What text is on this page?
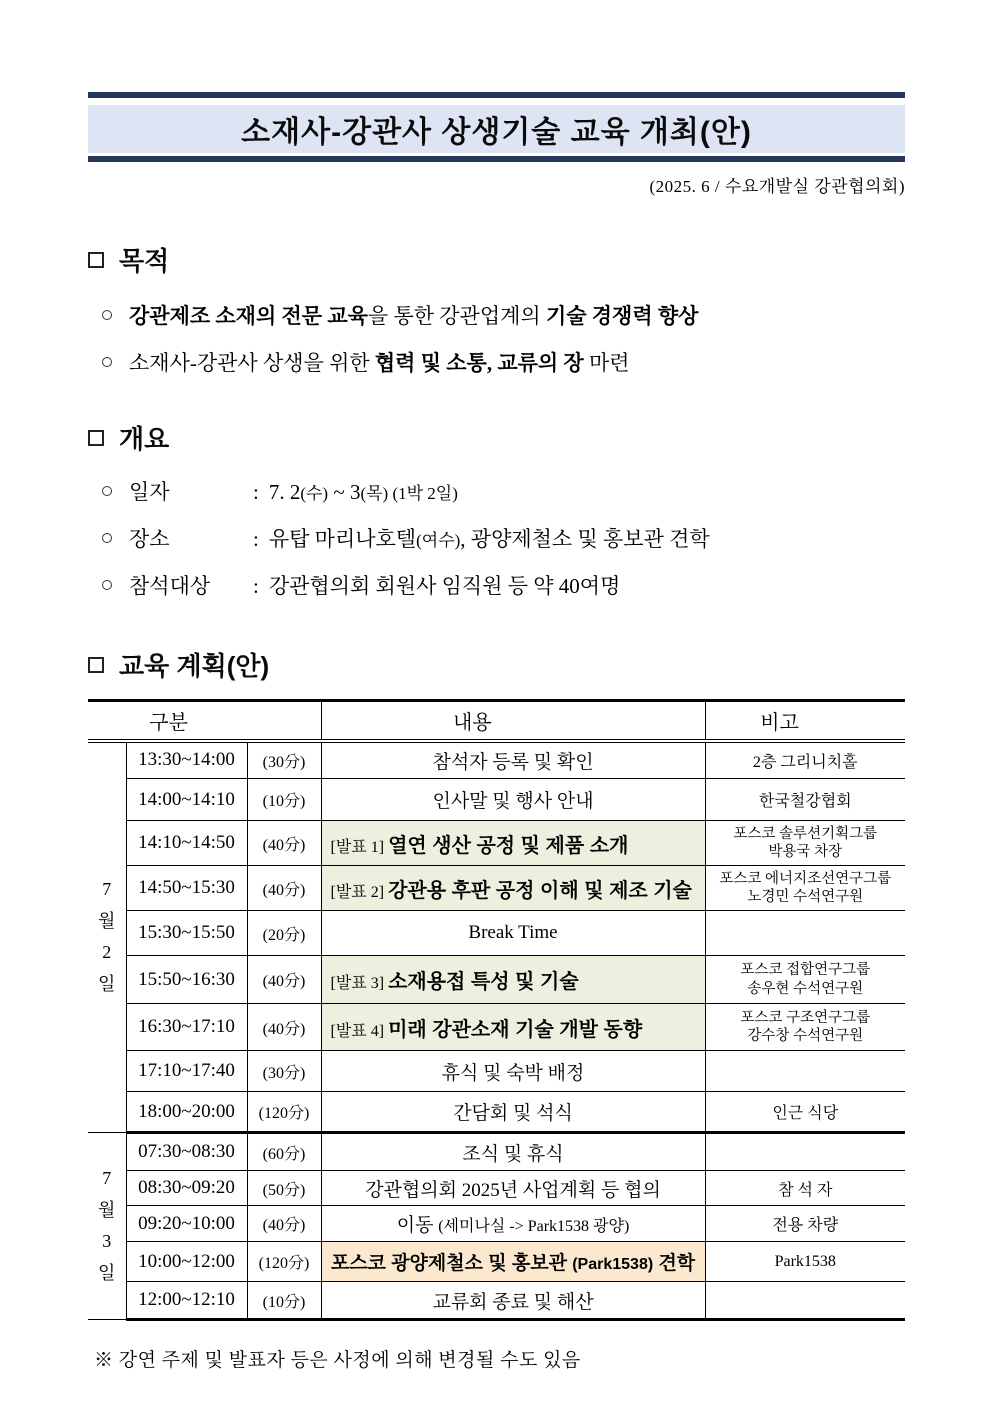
소재사-강관사 상생기술 교육 개최(안)
(2025. 6 / 수요개발실 강관협의회)
목적
강관제조 소재의 전문 교육을 통한 강관업계의 기술 경쟁력 향상
소재사-강관사 상생을 위한 협력 및 소통, 교류의 장 마련
개요
일자	: 7. 2(수) ~ 3(목) (1박 2일)
장소	: 유탑 마리나호텔(여수), 광양제철소 및 홍보관 견학
참석대상 : 강관협의회 회원사 임직원 등 약 40여명
교육 계획(안)
구분			내용	비고

7
월
2
일	13:30~14:00	(30分)	참석자 등록 및 확인	2층 그리니치홀
	14:00~14:10	(10分)	인사말 및 행사 안내	한국철강협회
	14:10~14:50	(40分)	[발표 1] 열연 생산 공정 및 제품 소개	포스코 솔루션기획그룹
박용국 차장

	14:50~15:30	(40分)	[발표 2] 강관용 후판 공정 이해 및 제조 기술	포스코 에너지조선연구그룹
노경민 수석연구원

	15:30~15:50	(20分)	Break Time	
	15:50~16:30	(40分)	[발표 3] 소재용접 특성 및 기술	포스코 접합연구그룹
송우현 수석연구원

	16:30~17:10	(40分)	[발표 4] 미래 강관소재 기술 개발 동향	포스코 구조연구그룹
강수창 수석연구원

	17:10~17:40	(30分)	휴식 및 숙박 배정	
	18:00~20:00	(120分)	간담회 및 석식	인근 식당

7
월
3
일	07:30~08:30	(60分)	조식 및 휴식	
	08:30~09:20	(50分)	강관협의회 2025년 사업계획 등 협의	참 석 자
	09:20~10:00	(40分)	이동 (세미나실 -> Park1538 광양)	전용 차량
	10:00~12:00	(120分)	포스코 광양제철소 및 홍보관 (Park1538) 견학	Park1538
	12:00~12:10	(10分)	교류회 종료 및 해산	
※ 강연 주제 및 발표자 등은 사정에 의해 변경될 수도 있음
